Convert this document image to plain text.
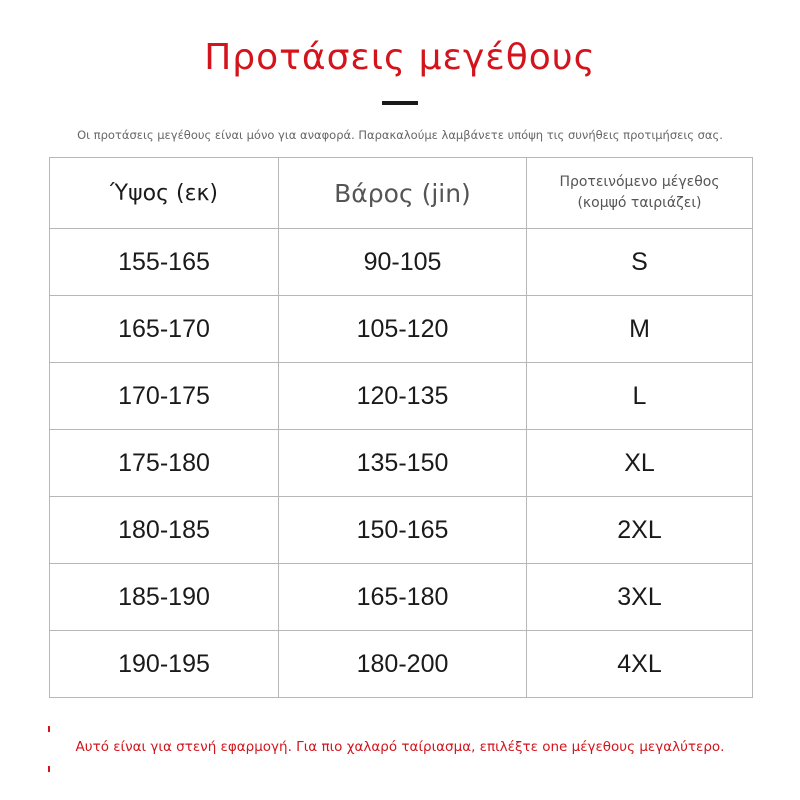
Προτάσεις μεγέθους
Οι προτάσεις μεγέθους είναι μόνο για αναφορά. Παρακαλούμε λαμβάνετε υπόψη τις συνήθεις προτιμήσεις σας.
Ύψος (εκ)	Βάρος (jin)	Προτεινόμενο μέγεθος
(κομψό ταιριάζει)
155-165	90-105	S
165-170	105-120	M
170-175	120-135	L
175-180	135-150	XL
180-185	150-165	2XL
185-190	165-180	3XL
190-195	180-200	4XL
Αυτό είναι για στενή εφαρμογή. Για πιο χαλαρό ταίριασμα, επιλέξτε one μέγεθους μεγαλύτερο.
